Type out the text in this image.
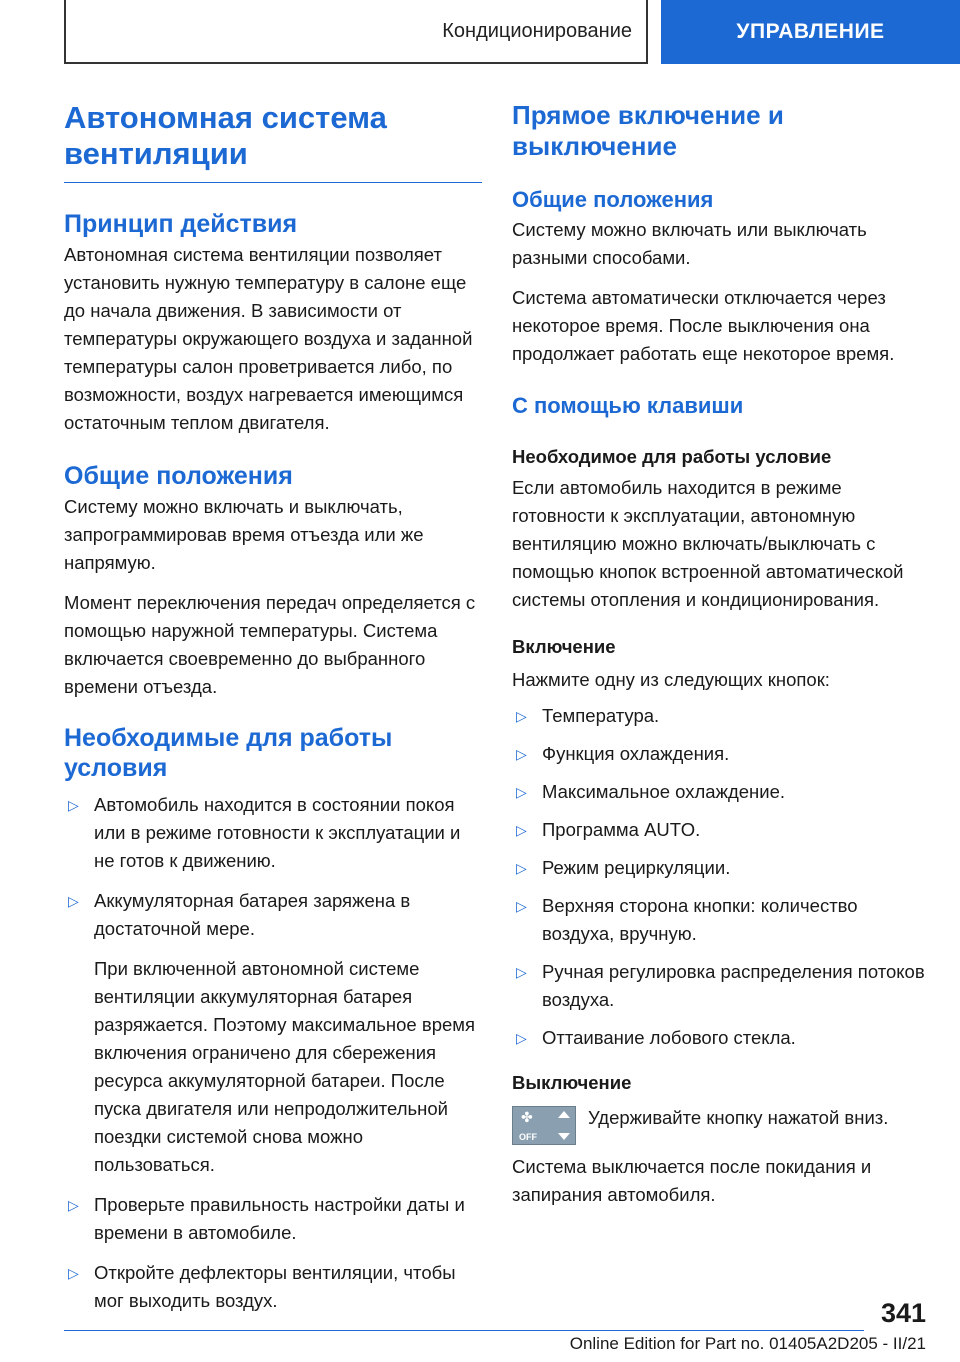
Кондиционирование	УПРАВЛЕНИЕ
Автономная система вентиляции
Принцип действия

Автономная система вентиляции позволяет установить нужную температуру в салоне еще до начала движения. В зависимости от температуры окружающего воздуха и заданной температуры салон проветривается либо, по возможности, воздух нагревается имеющимся остаточным теплом двигателя.

Общие положения

Систему можно включать и выключать, запрограммировав время отъезда или же напрямую.

Момент переключения передач определяется с помощью наружной температуры. Система включается своевременно до выбранного времени отъезда.

Необходимые для работы условия
▷ Автомобиль находится в состоянии покоя или в режиме готовности к эксплуатации и не готов к движению.
▷ Аккумуляторная батарея заряжена в достаточной мере.

При включенной автономной системе вентиляции аккумуляторная батарея разряжается. Поэтому максимальное время включения ограничено для сбережения ресурса аккумуляторной батареи. После пуска двигателя или непродолжительной поездки системой снова можно пользоваться.

▷ Проверьте правильность настройки даты и времени в автомобиле.
▷ Откройте дефлекторы вентиляции, чтобы мог выходить воздух.
Прямое включение и выключение
Общие положения

Систему можно включать или выключать разными способами.

Система автоматически отключается через некоторое время. После выключения она продолжает работать еще некоторое время.

С помощью клавиши
Необходимое для работы условие

Если автомобиль находится в режиме готовности к эксплуатации, автономную вентиляцию можно включать/выключать с помощью кнопок встроенной автоматической системы отопления и кондиционирования.

Включение

Нажмите одну из следующих кнопок:

▷ Температура.
▷ Функция охлаждения.
▷ Максимальное охлаждение.
▷ Программа AUTO.
▷ Режим рециркуляции.
▷ Верхняя сторона кнопки: количество воздуха, вручную.
▷ Ручная регулировка распределения потоков воздуха.
▷ Оттаивание лобового стекла.
Выключение
✤
OFF

Удерживайте кнопку нажатой вниз.

Система выключается после покидания и запирания автомобиля.

341
Online Edition for Part no. 01405A2D205 - II/21
